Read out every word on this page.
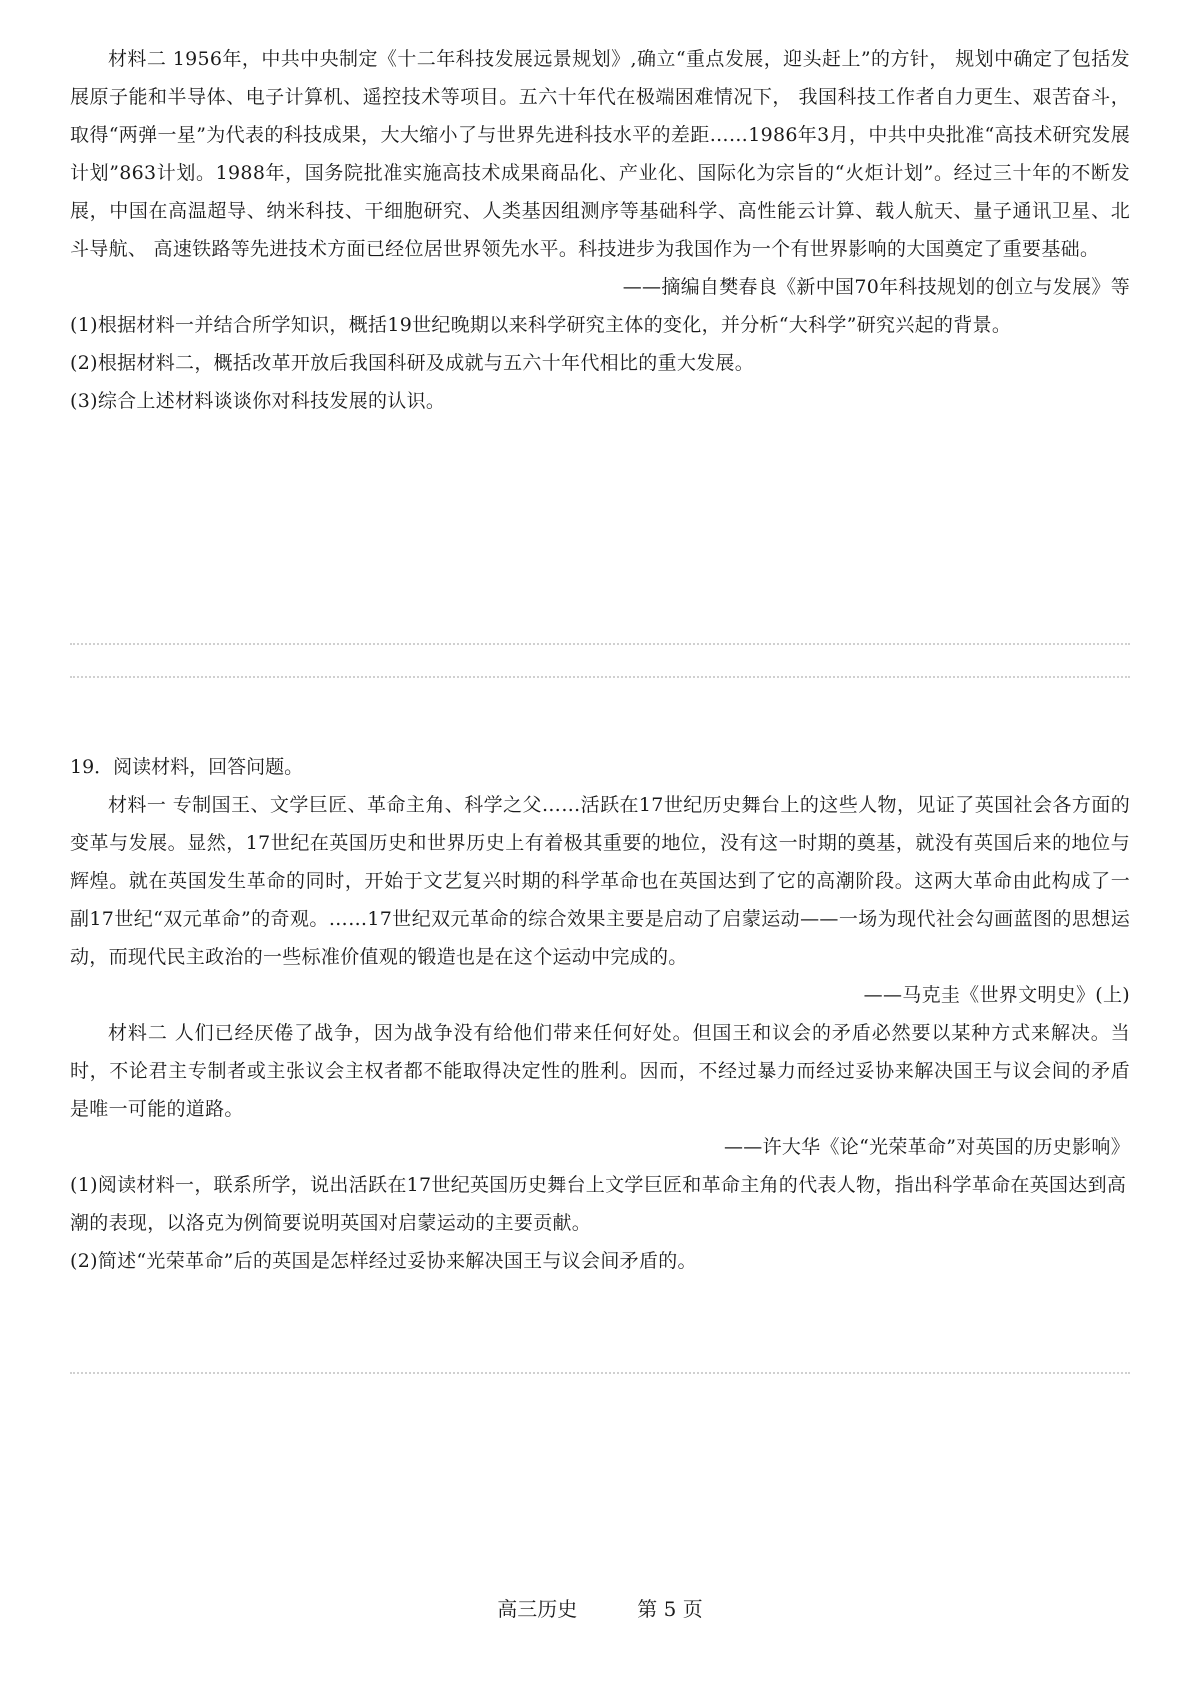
材料二 1956年，中共中央制定《十二年科技发展远景规划》,确立“重点发展，迎头赶上”的方针， 规划中确定了包括发展原子能和半导体、电子计算机、遥控技术等项目。五六十年代在极端困难情况下， 我国科技工作者自力更生、艰苦奋斗，取得“两弹一星”为代表的科技成果，大大缩小了与世界先进科技水平的差距……1986年3月，中共中央批准“高技术研究发展计划”863计划。1988年，国务院批准实施高技术成果商品化、产业化、国际化为宗旨的“火炬计划”。经过三十年的不断发展，中国在高温超导、纳米科技、干细胞研究、人类基因组测序等基础科学、高性能云计算、载人航天、量子通讯卫星、北斗导航、 高速铁路等先进技术方面已经位居世界领先水平。科技进步为我国作为一个有世界影响的大国奠定了重要基础。

——摘编自樊春良《新中国70年科技规划的创立与发展》等

(1)根据材料一并结合所学知识，概括19世纪晚期以来科学研究主体的变化，并分析“大科学”研究兴起的背景。

(2)根据材料二，概括改革开放后我国科研及成就与五六十年代相比的重大发展。

(3)综合上述材料谈谈你对科技发展的认识。

19．阅读材料，回答问题。

材料一 专制国王、文学巨匠、革命主角、科学之父……活跃在17世纪历史舞台上的这些人物，见证了英国社会各方面的变革与发展。显然，17世纪在英国历史和世界历史上有着极其重要的地位，没有这一时期的奠基，就没有英国后来的地位与辉煌。就在英国发生革命的同时，开始于文艺复兴时期的科学革命也在英国达到了它的高潮阶段。这两大革命由此构成了一副17世纪“双元革命”的奇观。……17世纪双元革命的综合效果主要是启动了启蒙运动——一场为现代社会勾画蓝图的思想运动，而现代民主政治的一些标准价值观的锻造也是在这个运动中完成的。

——马克圭《世界文明史》(上)

材料二 人们已经厌倦了战争，因为战争没有给他们带来任何好处。但国王和议会的矛盾必然要以某种方式来解决。当时，不论君主专制者或主张议会主权者都不能取得决定性的胜利。因而，不经过暴力而经过妥协来解决国王与议会间的矛盾是唯一可能的道路。

——许大华《论“光荣革命”对英国的历史影响》

(1)阅读材料一，联系所学，说出活跃在17世纪英国历史舞台上文学巨匠和革命主角的代表人物，指出科学革命在英国达到高潮的表现，以洛克为例简要说明英国对启蒙运动的主要贡献。

(2)简述“光荣革命”后的英国是怎样经过妥协来解决国王与议会间矛盾的。

高三历史	第 5 页
